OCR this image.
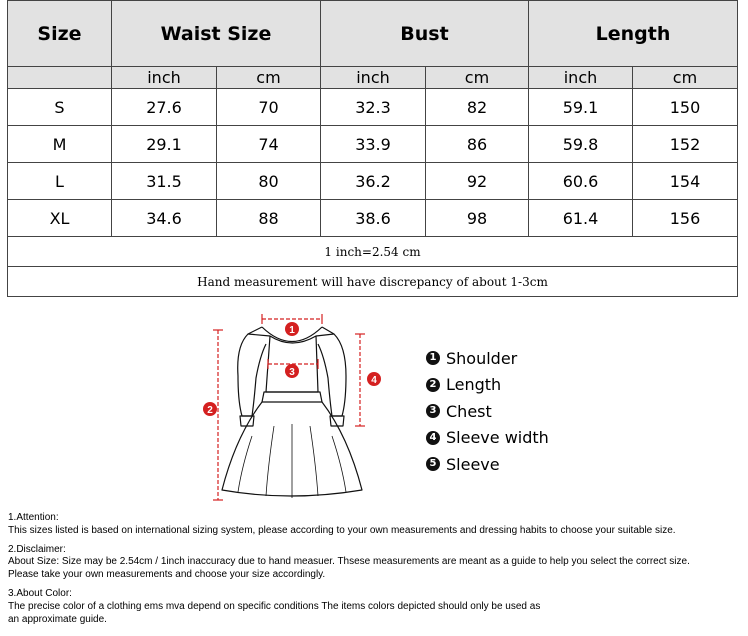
Size	Waist Size		Bust		Length	
	inch	cm	inch	cm	inch	cm
S	27.6	70	32.3	82	59.1	150
M	29.1	74	33.9	86	59.8	152
L	31.5	80	36.2	92	60.6	154
XL	34.6	88	38.6	98	61.4	156
1 inch=2.54 cm						
Hand measurement will have discrepancy of about 1-3cm						
1
2
3
4
1 Shoulder
2 Length
3 Chest
4 Sleeve width
5 Sleeve

1.Attention:

This sizes listed is based on international sizing system, please according to your own measurements and dressing habits to choose your suitable size.

2.Disclaimer:

About Size: Size may be 2.54cm / 1inch inaccuracy due to hand measuer. Thsese measurements are meant as a guide to help you select the correct size.

Please take your own measurements and choose your size accordingly.

3.About Color:

The precise color of a clothing ems mva depend on specific conditions The items colors depicted should only be used as

an approximate guide.
